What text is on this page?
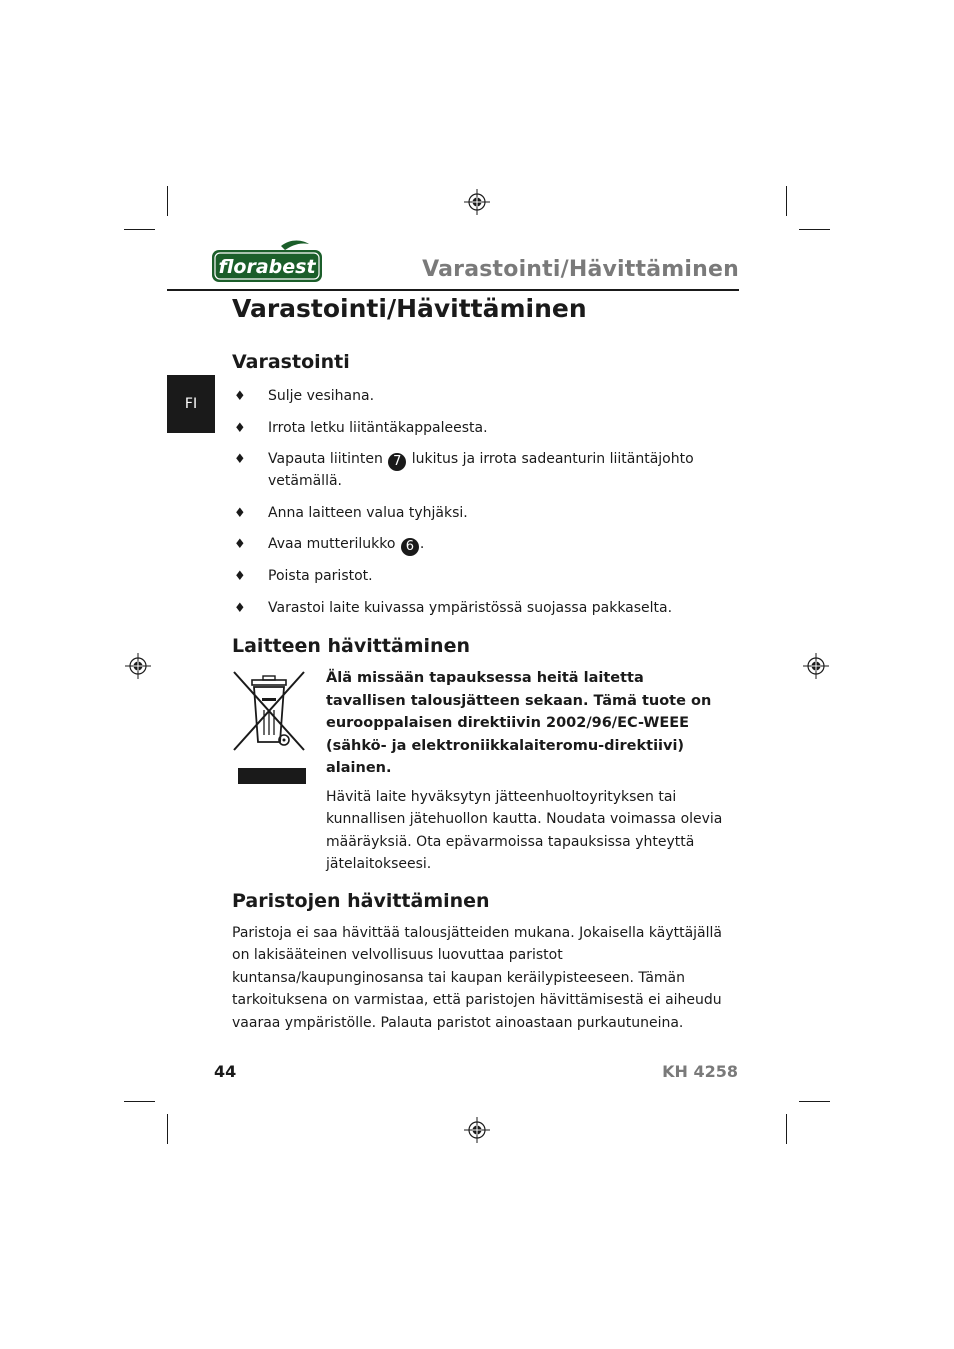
florabest	Varastointi/Hävittäminen
Varastointi/Hävittäminen
FI
Varastointi
♦ Sulje vesihana.
♦ Irrota letku liitäntäkappaleesta.
♦ Vapauta liitinten 7 lukitus ja irrota sadeanturin liitäntäjohto vetämällä.
♦ Anna laitteen valua tyhjäksi.
♦ Avaa mutterilukko 6 .
♦ Poista paristot.
♦ Varastoi laite kuivassa ympäristössä suojassa pakkaselta.
Laitteen hävittäminen

Älä missään tapauksessa heitä laitetta tavallisen talousjätteen sekaan. Tämä tuote on eurooppalaisen direktiivin 2002/96/EC-WEEE (sähkö- ja elektroniikkalaiteromu-direktiivi) alainen.

Hävitä laite hyväksytyn jätteenhuoltoyrityksen tai kunnallisen jätehuollon kautta. Noudata voimassa olevia määräyksiä. Ota epävarmoissa tapauksissa yhteyttä jätelaitokseesi.

Paristojen hävittäminen

Paristoja ei saa hävittää talousjätteiden mukana. Jokaisella käyttäjällä on lakisääteinen velvollisuus luovuttaa paristot kuntansa/kaupunginosansa tai kaupan keräilypisteeseen. Tämän tarkoituksena on varmistaa, että paristojen hävittämisestä ei aiheudu vaaraa ympäristölle. Palauta paristot ainoastaan purkautuneina.

44	KH 4258
